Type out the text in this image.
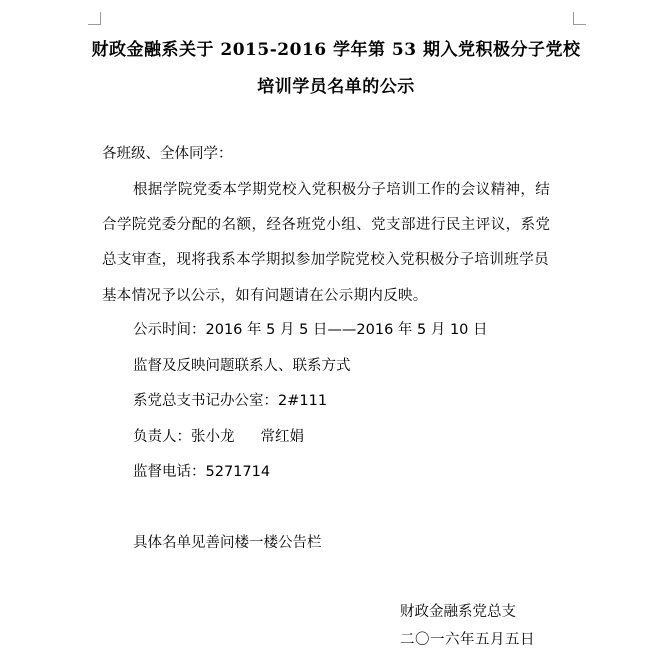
财政金融系关于 2015-2016 学年第 53 期入党积极分子党校
培训学员名单的公示
各班级、全体同学：
根据学院党委本学期党校入党积极分子培训工作的会议精神，结
合学院党委分配的名额，经各班党小组、党支部进行民主评议，系党
总支审查，现将我系本学期拟参加学院党校入党积极分子培训班学员
基本情况予以公示，如有问题请在公示期内反映。
公示时间：2016 年 5 月 5 日——2016 年 5 月 10 日
监督及反映问题联系人、联系方式
系党总支书记办公室：2#111
负责人：张小龙 常红娟
监督电话：5271714
具体名单见善问楼一楼公告栏
财政金融系党总支
二〇一六年五月五日
